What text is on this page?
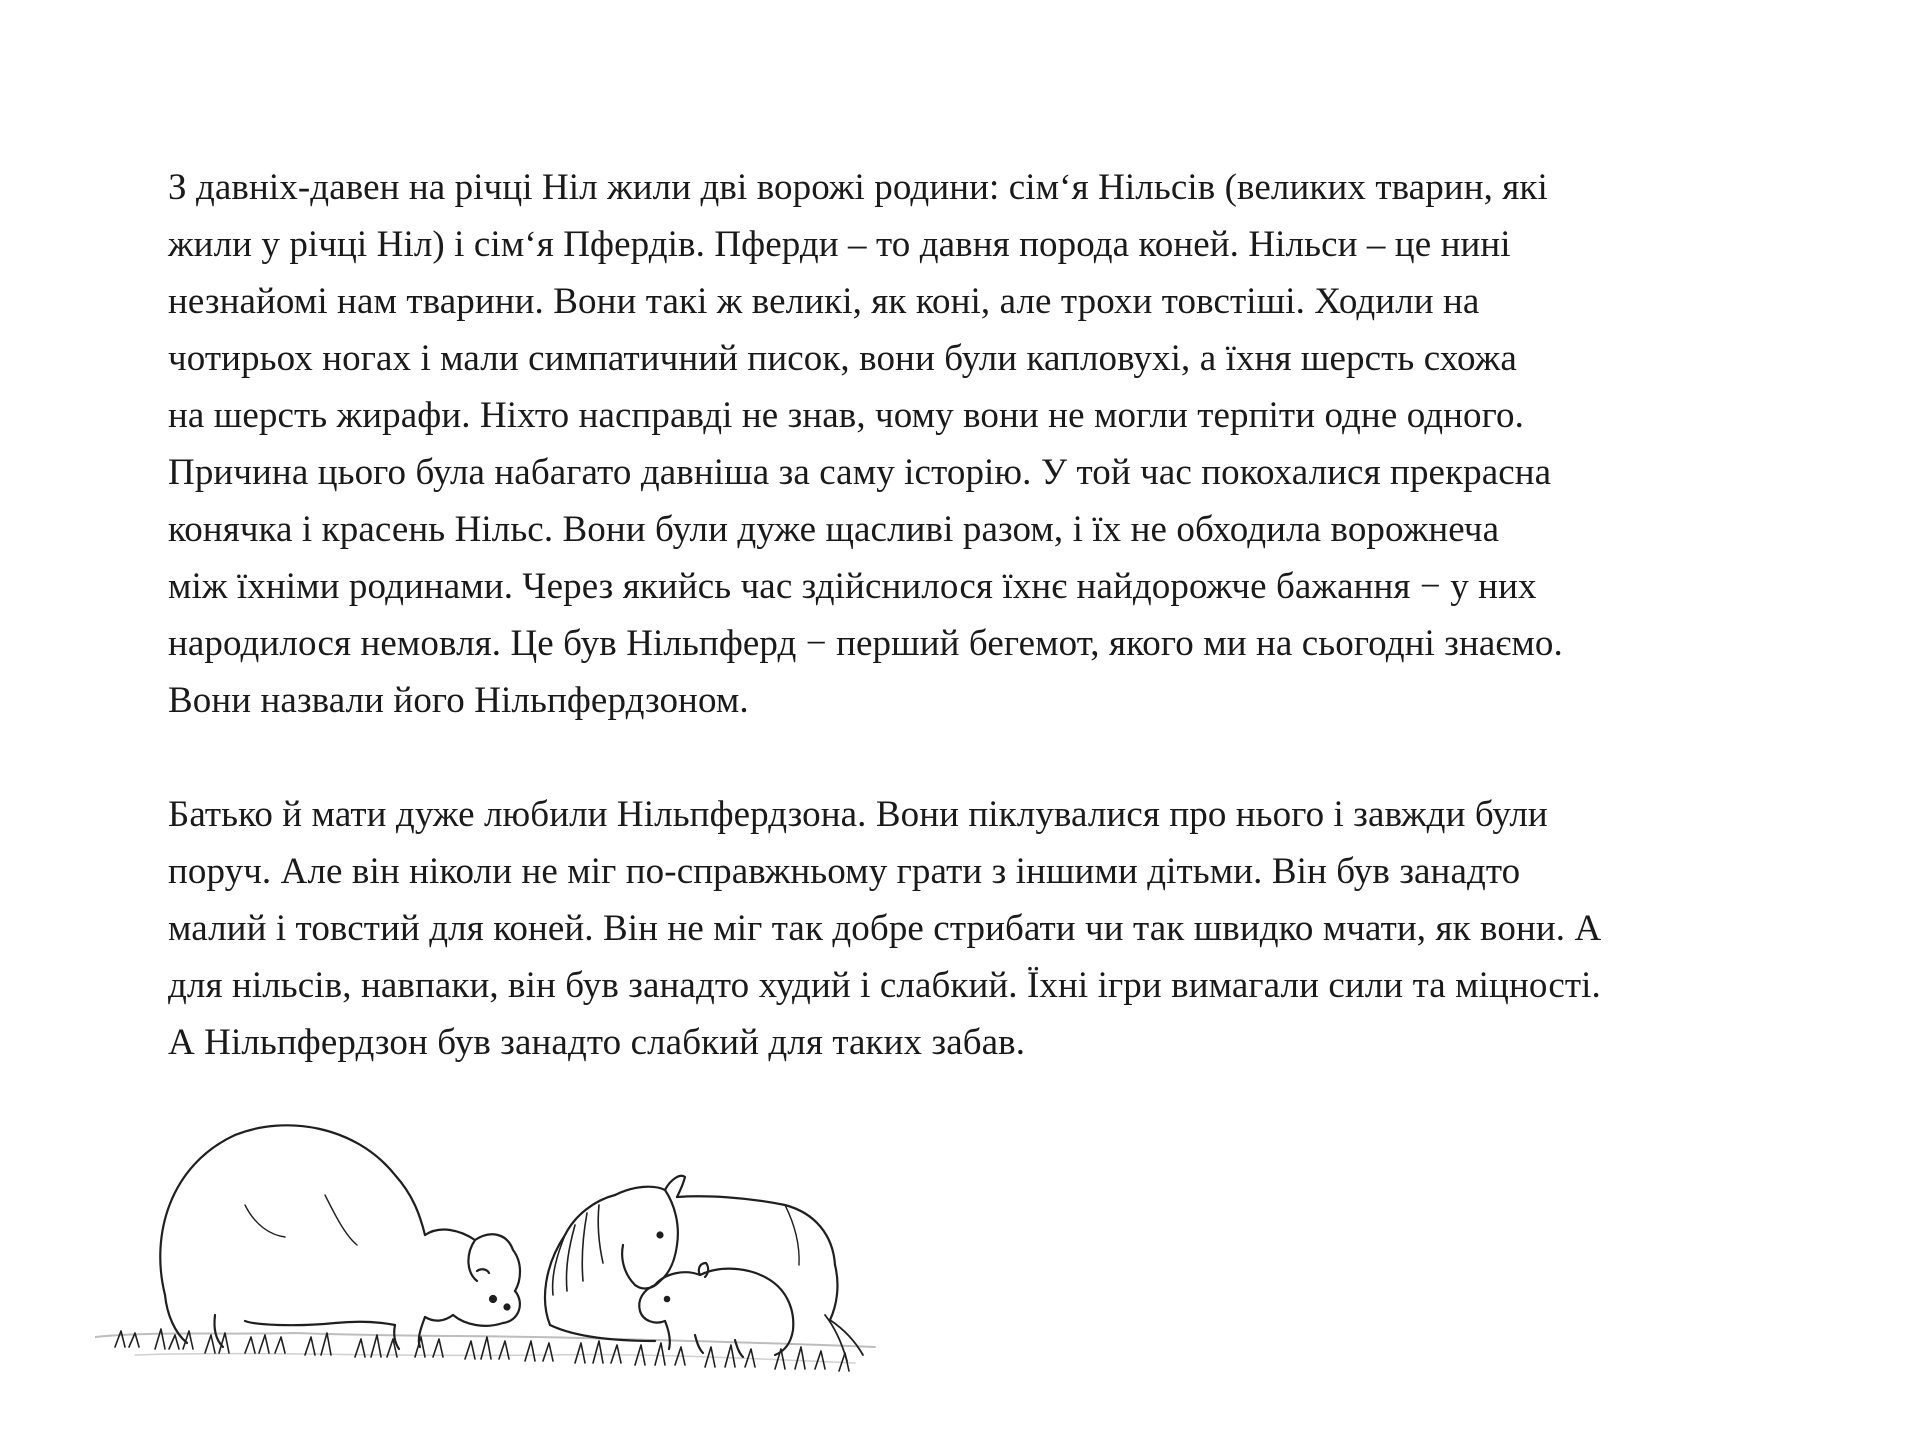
З давніх-давен на річці Ніл жили дві ворожі родини: сім‘я Нільсів (великих тварин, які
жили у річці Ніл) і сім‘я Пфердів. Пферди – то давня порода коней. Нільси – це нині
незнайомі нам тварини. Вони такі ж великі, як коні, але трохи товстіші. Ходили на
чотирьох ногах і мали симпатичний писок, вони були капловухі, а їхня шерсть схожа
на шерсть жирафи. Ніхто насправді не знав, чому вони не могли терпіти одне одного.
Причина цього була набагато давніша за саму історію. У той час покохалися прекрасна
конячка і красень Нільс. Вони були дуже щасливі разом, і їх не обходила ворожнеча
між їхніми родинами. Через якийсь час здійснилося їхнє найдорожче бажання − у них
народилося немовля. Це був Нільпферд − перший бегемот, якого ми на сьогодні знаємо.
Вони назвали його Нільпфердзоном.
Батько й мати дуже любили Нільпфердзона. Вони піклувалися про нього і завжди були
поруч. Але він ніколи не міг по-справжньому грати з іншими дітьми. Він був занадто
малий і товстий для коней. Він не міг так добре стрибати чи так швидко мчати, як вони. А
для нільсів, навпаки, він був занадто худий і слабкий. Їхні ігри вимагали сили та міцності.
А Нільпфердзон був занадто слабкий для таких забав.
